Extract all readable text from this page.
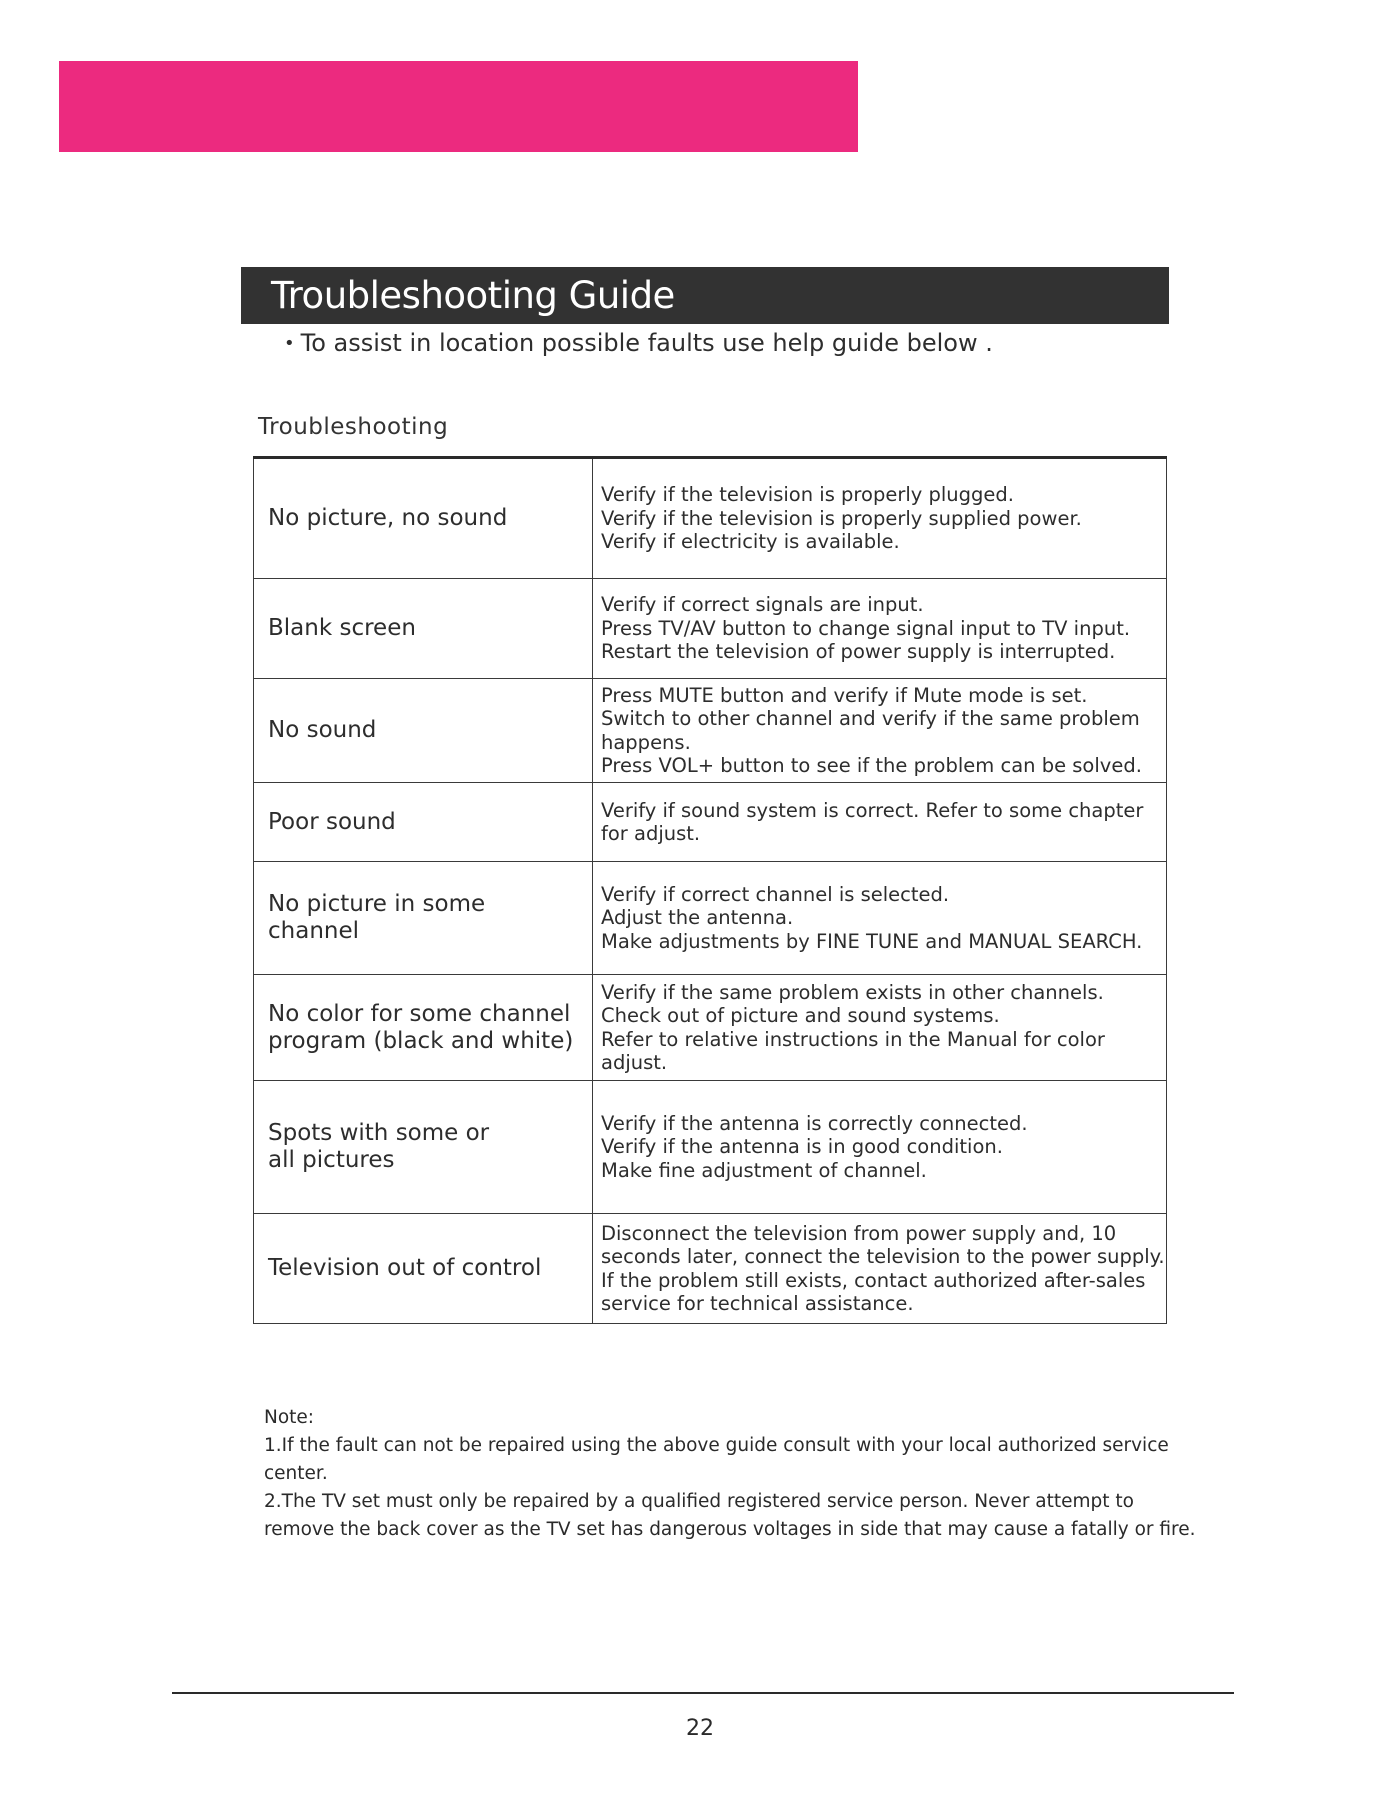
Troubleshooting Guide
• To assist in location possible faults use help guide below .
Troubleshooting
No picture, no sound	Verify if the television is properly plugged.
Verify if the television is properly supplied power.
Verify if electricity is available.

Blank screen	Verify if correct signals are input.
Press TV/AV button to change signal input to TV input.
Restart the television of power supply is interrupted.

No sound	Press MUTE button and verify if Mute mode is set.
Switch to other channel and verify if the same problem
happens.
Press VOL+ button to see if the problem can be solved.

Poor sound	Verify if sound system is correct. Refer to some chapter
for adjust.

No picture in some
channel	Verify if correct channel is selected.
Adjust the antenna.
Make adjustments by FINE TUNE and MANUAL SEARCH.

No color for some channel
program (black and white)	Verify if the same problem exists in other channels.
Check out of picture and sound systems.
Refer to relative instructions in the Manual for color
adjust.

Spots with some or
all pictures	Verify if the antenna is correctly connected.
Verify if the antenna is in good condition.
Make fine adjustment of channel.

Television out of control	Disconnect the television from power supply and, 10
seconds later, connect the television to the power supply.
If the problem still exists, contact authorized after-sales
service for technical assistance.
Note:
1.If the fault can not be repaired using the above guide consult with your local authorized service
center.
2.The TV set must only be repaired by a qualified registered service person. Never attempt to
remove the back cover as the TV set has dangerous voltages in side that may cause a fatally or fire.
22
